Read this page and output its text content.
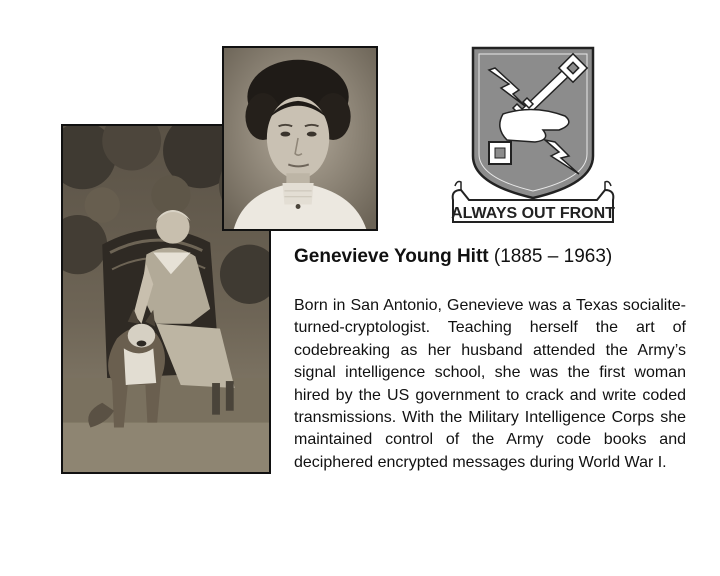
ALWAYS OUT FRONT
Genevieve Young Hitt (1885 – 1963)

Born in San Antonio, Genevieve was a Texas socialite-turned-cryptologist. Teaching herself the art of codebreaking as her husband attended the Army’s signal intelligence school, she was the first woman hired by the US government to crack and write coded transmissions. With the Military Intelligence Corps she maintained control of the Army code books and deciphered encrypted messages during World War I.
